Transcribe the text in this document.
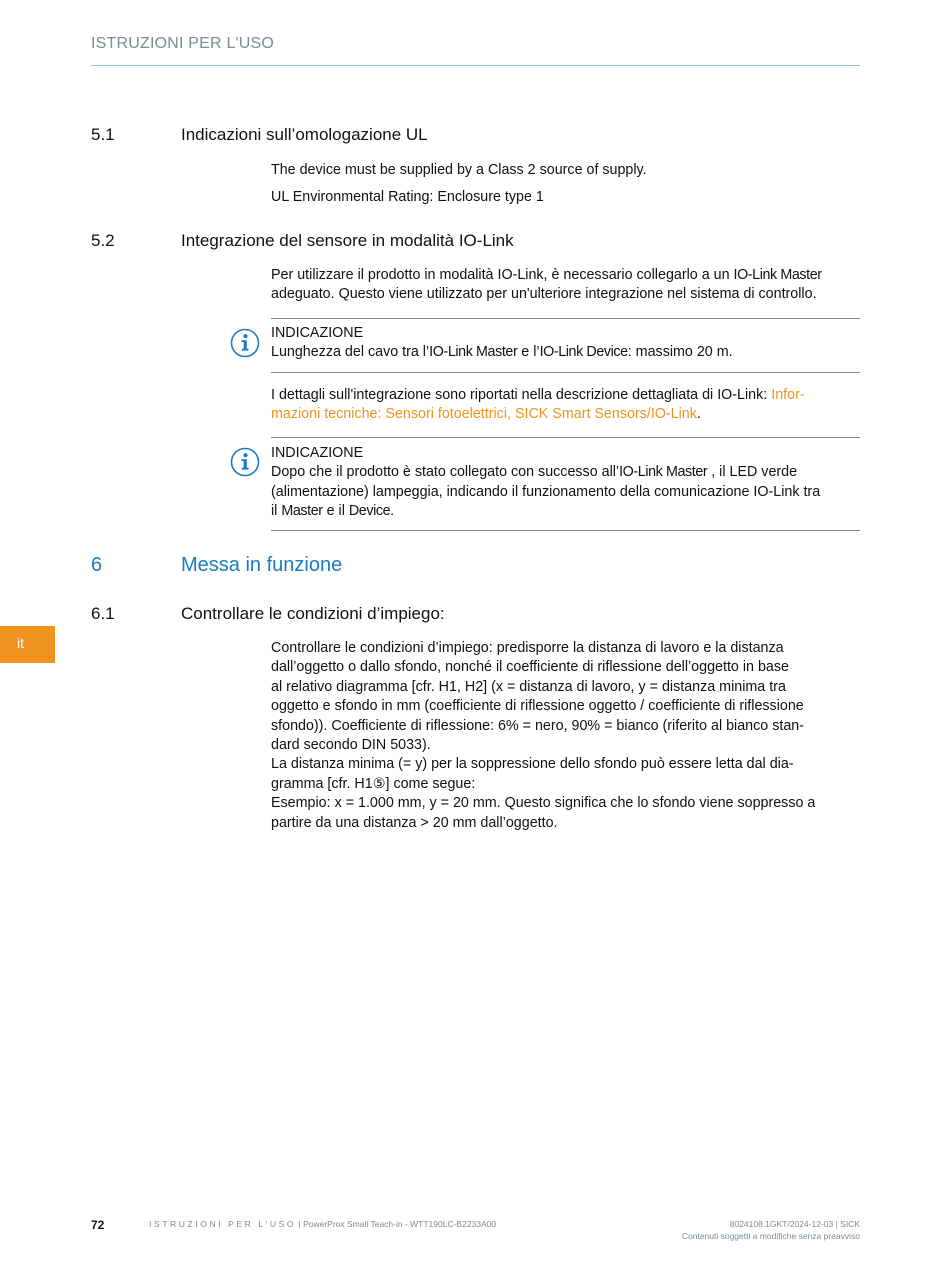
ISTRUZIONI PER L'USO
5.1	Indicazioni sull’omologazione UL

The device must be supplied by a Class 2 source of supply.

UL Environmental Rating: Enclosure type 1

5.2	Integrazione del sensore in modalità IO-Link

Per utilizzare il prodotto in modalità IO-Link, è necessario collegarlo a un IO-Link Master
adeguato. Questo viene utilizzato per un'ulteriore integrazione nel sistema di controllo.

INDICAZIONE

Lunghezza del cavo tra l’IO-Link Master e l’IO-Link Device: massimo 20 m.

I dettagli sull'integrazione sono riportati nella descrizione dettagliata di IO-Link: Infor-
mazioni tecniche: Sensori fotoelettrici, SICK Smart Sensors/IO-Link.

INDICAZIONE

Dopo che il prodotto è stato collegato con successo all’IO-Link Master , il LED verde
(alimentazione) lampeggia, indicando il funzionamento della comunicazione IO-Link tra
il Master e il Device.

6	Messa in funzione
6.1	Controllare le condizioni d’impiego:

Controllare le condizioni d’impiego: predisporre la distanza di lavoro e la distanza

dall’oggetto o dallo sfondo, nonché il coefficiente di riflessione dell’oggetto in base

al relativo diagramma [cfr. H1, H2] (x = distanza di lavoro, y = distanza minima tra

oggetto e sfondo in mm (coefficiente di riflessione oggetto / coefficiente di riflessione

sfondo)). Coefficiente di riflessione: 6% = nero, 90% = bianco (riferito al bianco stan-

dard secondo DIN 5033).

La distanza minima (= y) per la soppressione dello sfondo può essere letta dal dia-

gramma [cfr. H1⑤] come segue:

Esempio: x = 1.000 mm, y = 20 mm. Questo significa che lo sfondo viene soppresso a

partire da una distanza > 20 mm dall’oggetto.

it
72	ISTRUZIONI PER L'USO | PowerProx Small Teach-in - WTT190LC-B2233A00	8024108.1GKT/2024-12-03 | SICK
Contenuti soggetti a modifiche senza preavviso
